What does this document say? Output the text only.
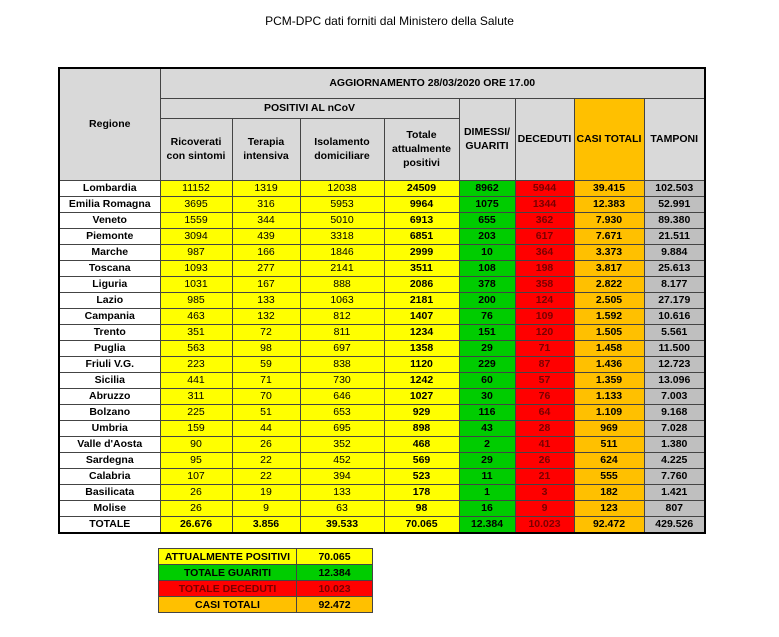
PCM-DPC dati forniti dal Ministero della Salute
Regione	AGGIORNAMENTO 28/03/2020 ORE 17.00							
	POSITIVI AL nCoV				DIMESSI/ GUARITI	DECEDUTI	CASI TOTALI	TAMPONI
	Ricoverati con sintomi	Terapia intensiva	Isolamento domiciliare	Totale attualmente positivi				
Lombardia	11152	1319	12038	24509	8962	5944	39.415	102.503
Emilia Romagna	3695	316	5953	9964	1075	1344	12.383	52.991
Veneto	1559	344	5010	6913	655	362	7.930	89.380
Piemonte	3094	439	3318	6851	203	617	7.671	21.511
Marche	987	166	1846	2999	10	364	3.373	9.884
Toscana	1093	277	2141	3511	108	198	3.817	25.613
Liguria	1031	167	888	2086	378	358	2.822	8.177
Lazio	985	133	1063	2181	200	124	2.505	27.179
Campania	463	132	812	1407	76	109	1.592	10.616
Trento	351	72	811	1234	151	120	1.505	5.561
Puglia	563	98	697	1358	29	71	1.458	11.500
Friuli V.G.	223	59	838	1120	229	87	1.436	12.723
Sicilia	441	71	730	1242	60	57	1.359	13.096
Abruzzo	311	70	646	1027	30	76	1.133	7.003
Bolzano	225	51	653	929	116	64	1.109	9.168
Umbria	159	44	695	898	43	28	969	7.028
Valle d'Aosta	90	26	352	468	2	41	511	1.380
Sardegna	95	22	452	569	29	26	624	4.225
Calabria	107	22	394	523	11	21	555	7.760
Basilicata	26	19	133	178	1	3	182	1.421
Molise	26	9	63	98	16	9	123	807
TOTALE	26.676	3.856	39.533	70.065	12.384	10.023	92.472	429.526
ATTUALMENTE POSITIVI	70.065
TOTALE GUARITI	12.384
TOTALE DECEDUTI	10.023
CASI TOTALI	92.472
